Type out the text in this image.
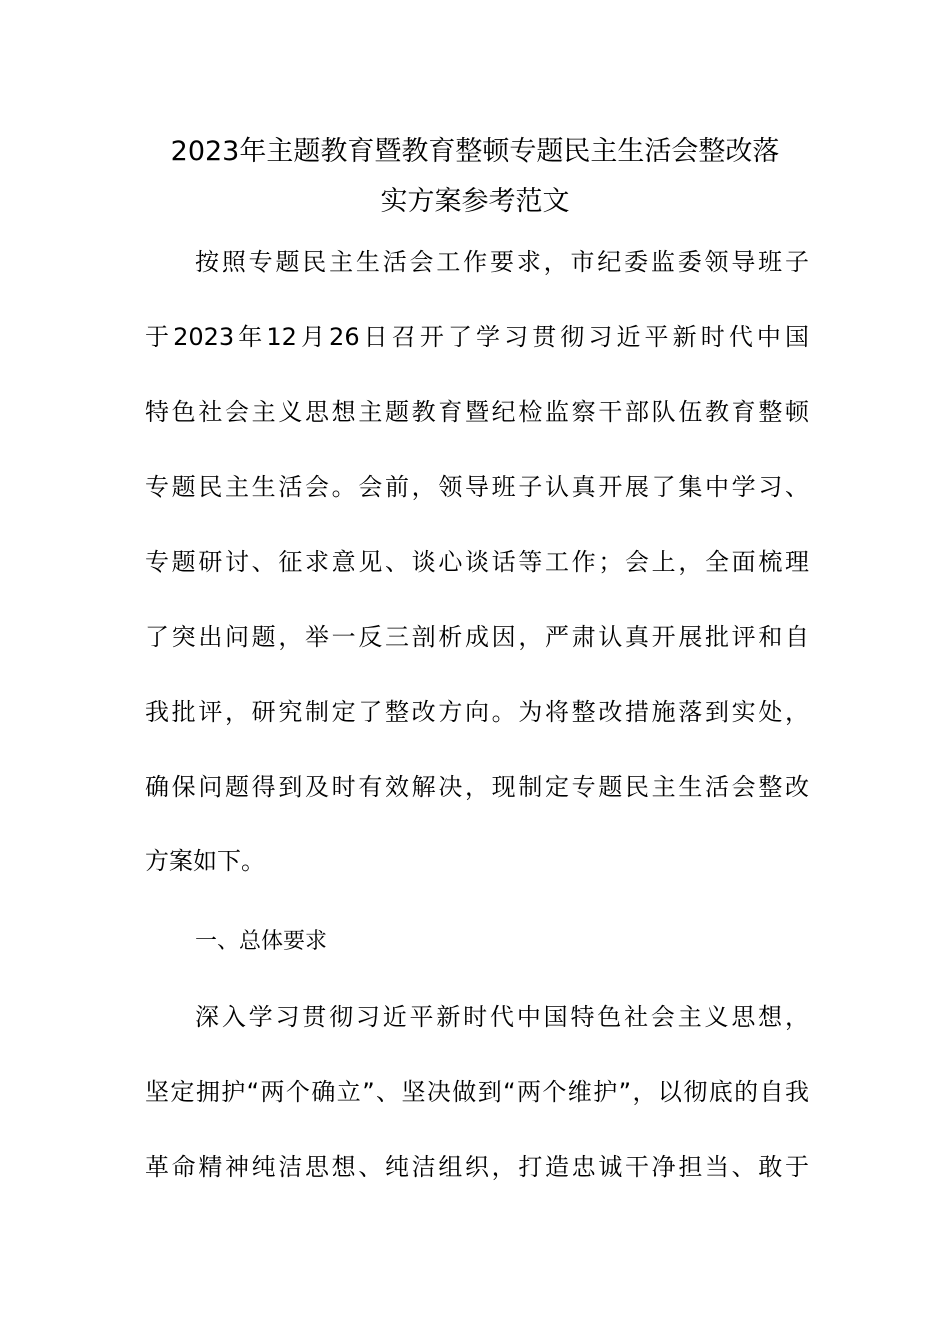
2023年主题教育暨教育整顿专题民主生活会整改落
实方案参考范文
按照专题民主生活会工作要求，市纪委监委领导班子
于2023年12月26日召开了学习贯彻习近平新时代中国
特色社会主义思想主题教育暨纪检监察干部队伍教育整顿
专题民主生活会。会前，领导班子认真开展了集中学习、
专题研讨、征求意见、谈心谈话等工作；会上，全面梳理
了突出问题，举一反三剖析成因，严肃认真开展批评和自
我批评，研究制定了整改方向。为将整改措施落到实处，
确保问题得到及时有效解决，现制定专题民主生活会整改
方案如下。
一、总体要求
深入学习贯彻习近平新时代中国特色社会主义思想，
坚定拥护“两个确立”、坚决做到“两个维护”，以彻底的自我
革命精神纯洁思想、纯洁组织，打造忠诚干净担当、敢于
